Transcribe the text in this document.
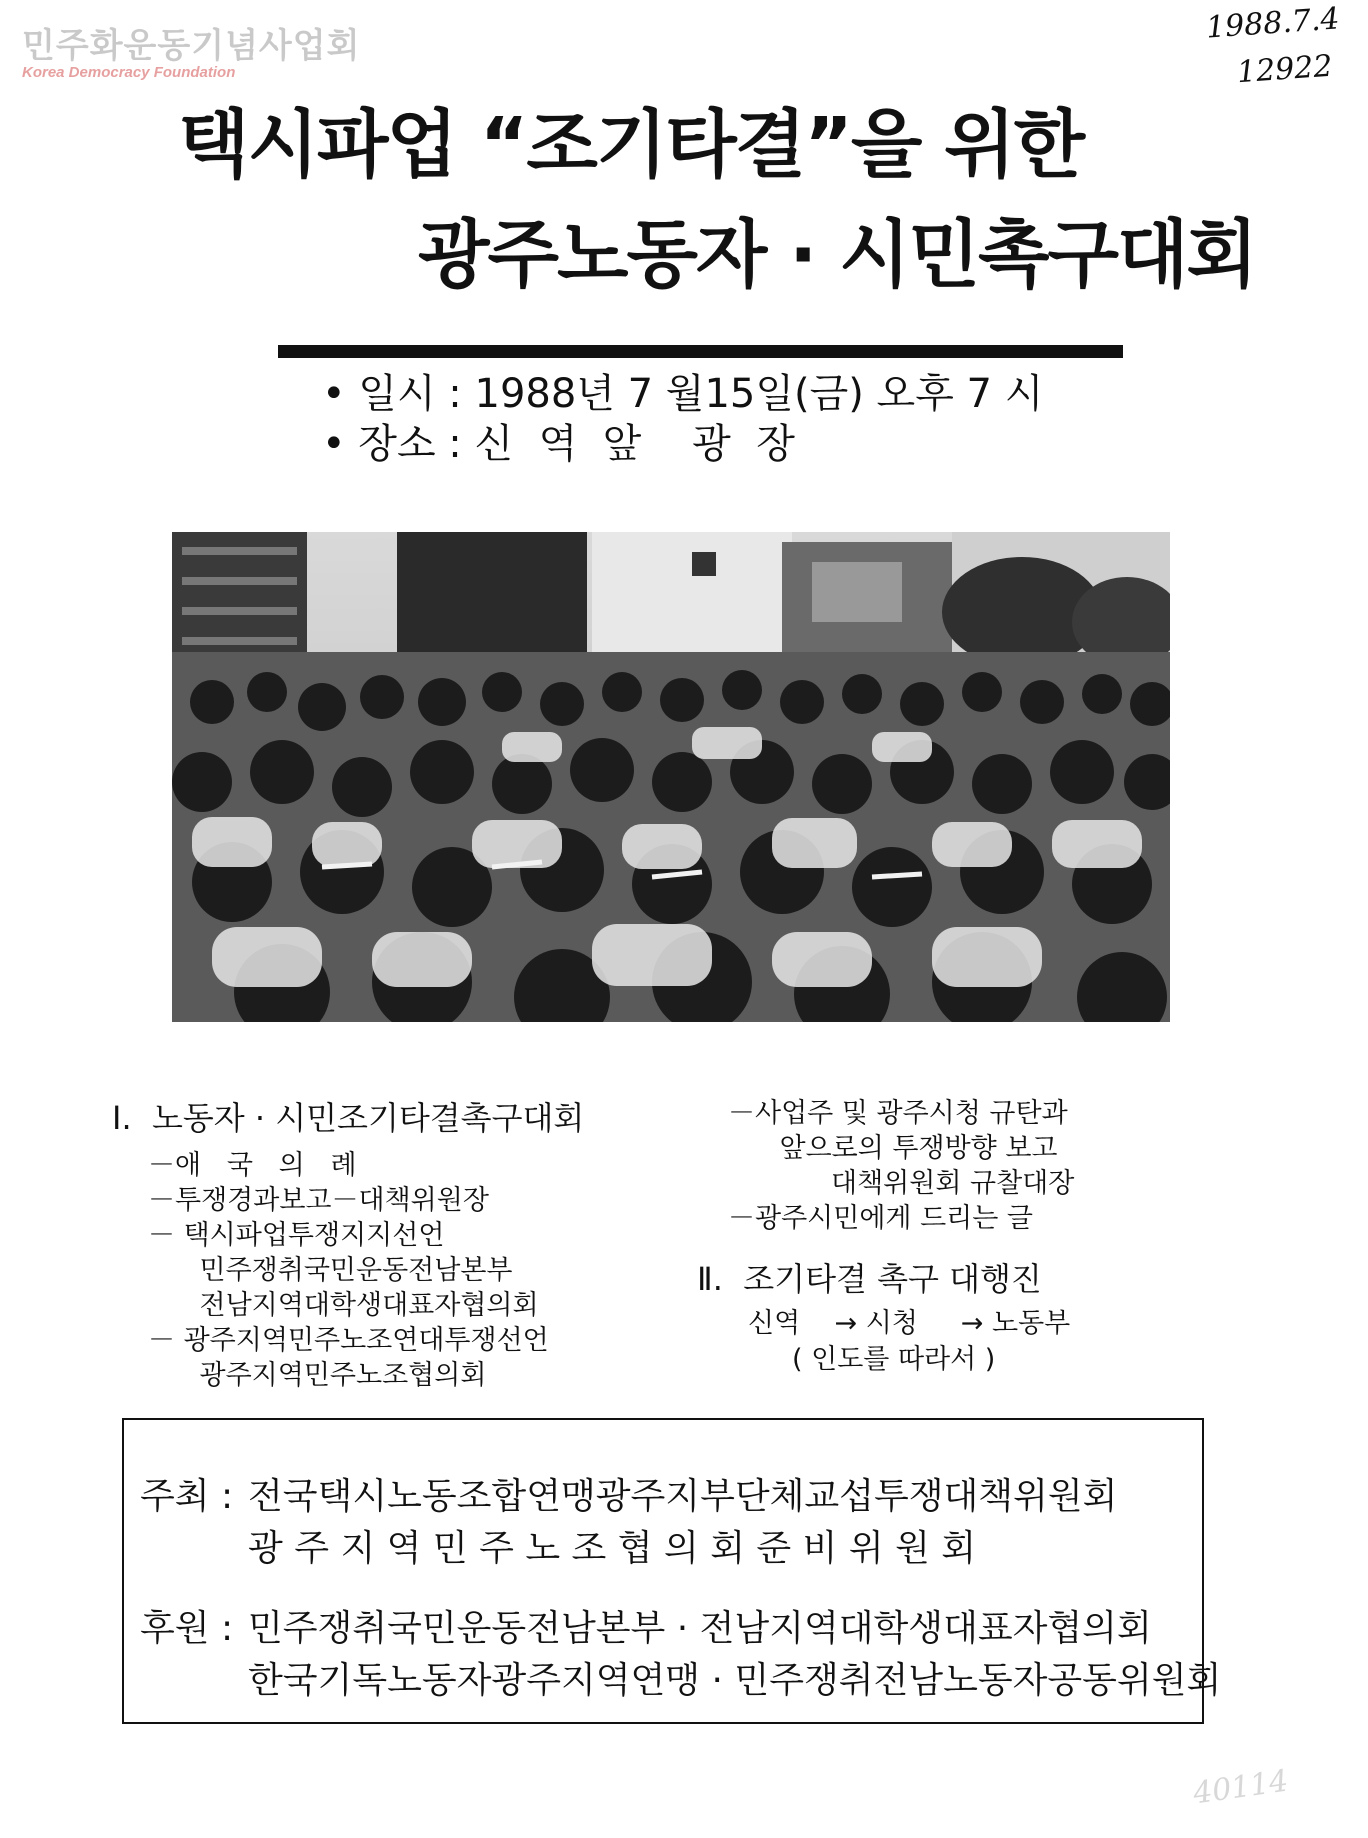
민주화운동기념사업회
Korea Democracy Foundation
1988.7.4
12922
40114
택시파업 “조기타결”을 위한
광주노동자 · 시민촉구대회
• 일시 : 1988년 7 월15일(금) 오후 7 시
• 장소 : 신  역  앞    광  장
Ⅰ.  노동자 · 시민조기타결촉구대회
－애   국   의   례
－투쟁경과보고－대책위원장
－ 택시파업투쟁지지선언
민주쟁취국민운동전남본부
전남지역대학생대표자협의회
－ 광주지역민주노조연대투쟁선언
광주지역민주노조협의회
－사업주 및 광주시청 규탄과
앞으로의 투쟁방향 보고
대책위원회 규찰대장
－광주시민에게 드리는 글
Ⅱ.  조기타결 촉구 대행진
신역    → 시청     → 노동부
( 인도를 따라서 )
주최 : 전국택시노동조합연맹광주지부단체교섭투쟁대책위원회
광 주 지 역 민 주 노 조 협 의 회 준 비 위 원 회
후원 : 민주쟁취국민운동전남본부 · 전남지역대학생대표자협의회
한국기독노동자광주지역연맹 · 민주쟁취전남노동자공동위원회
